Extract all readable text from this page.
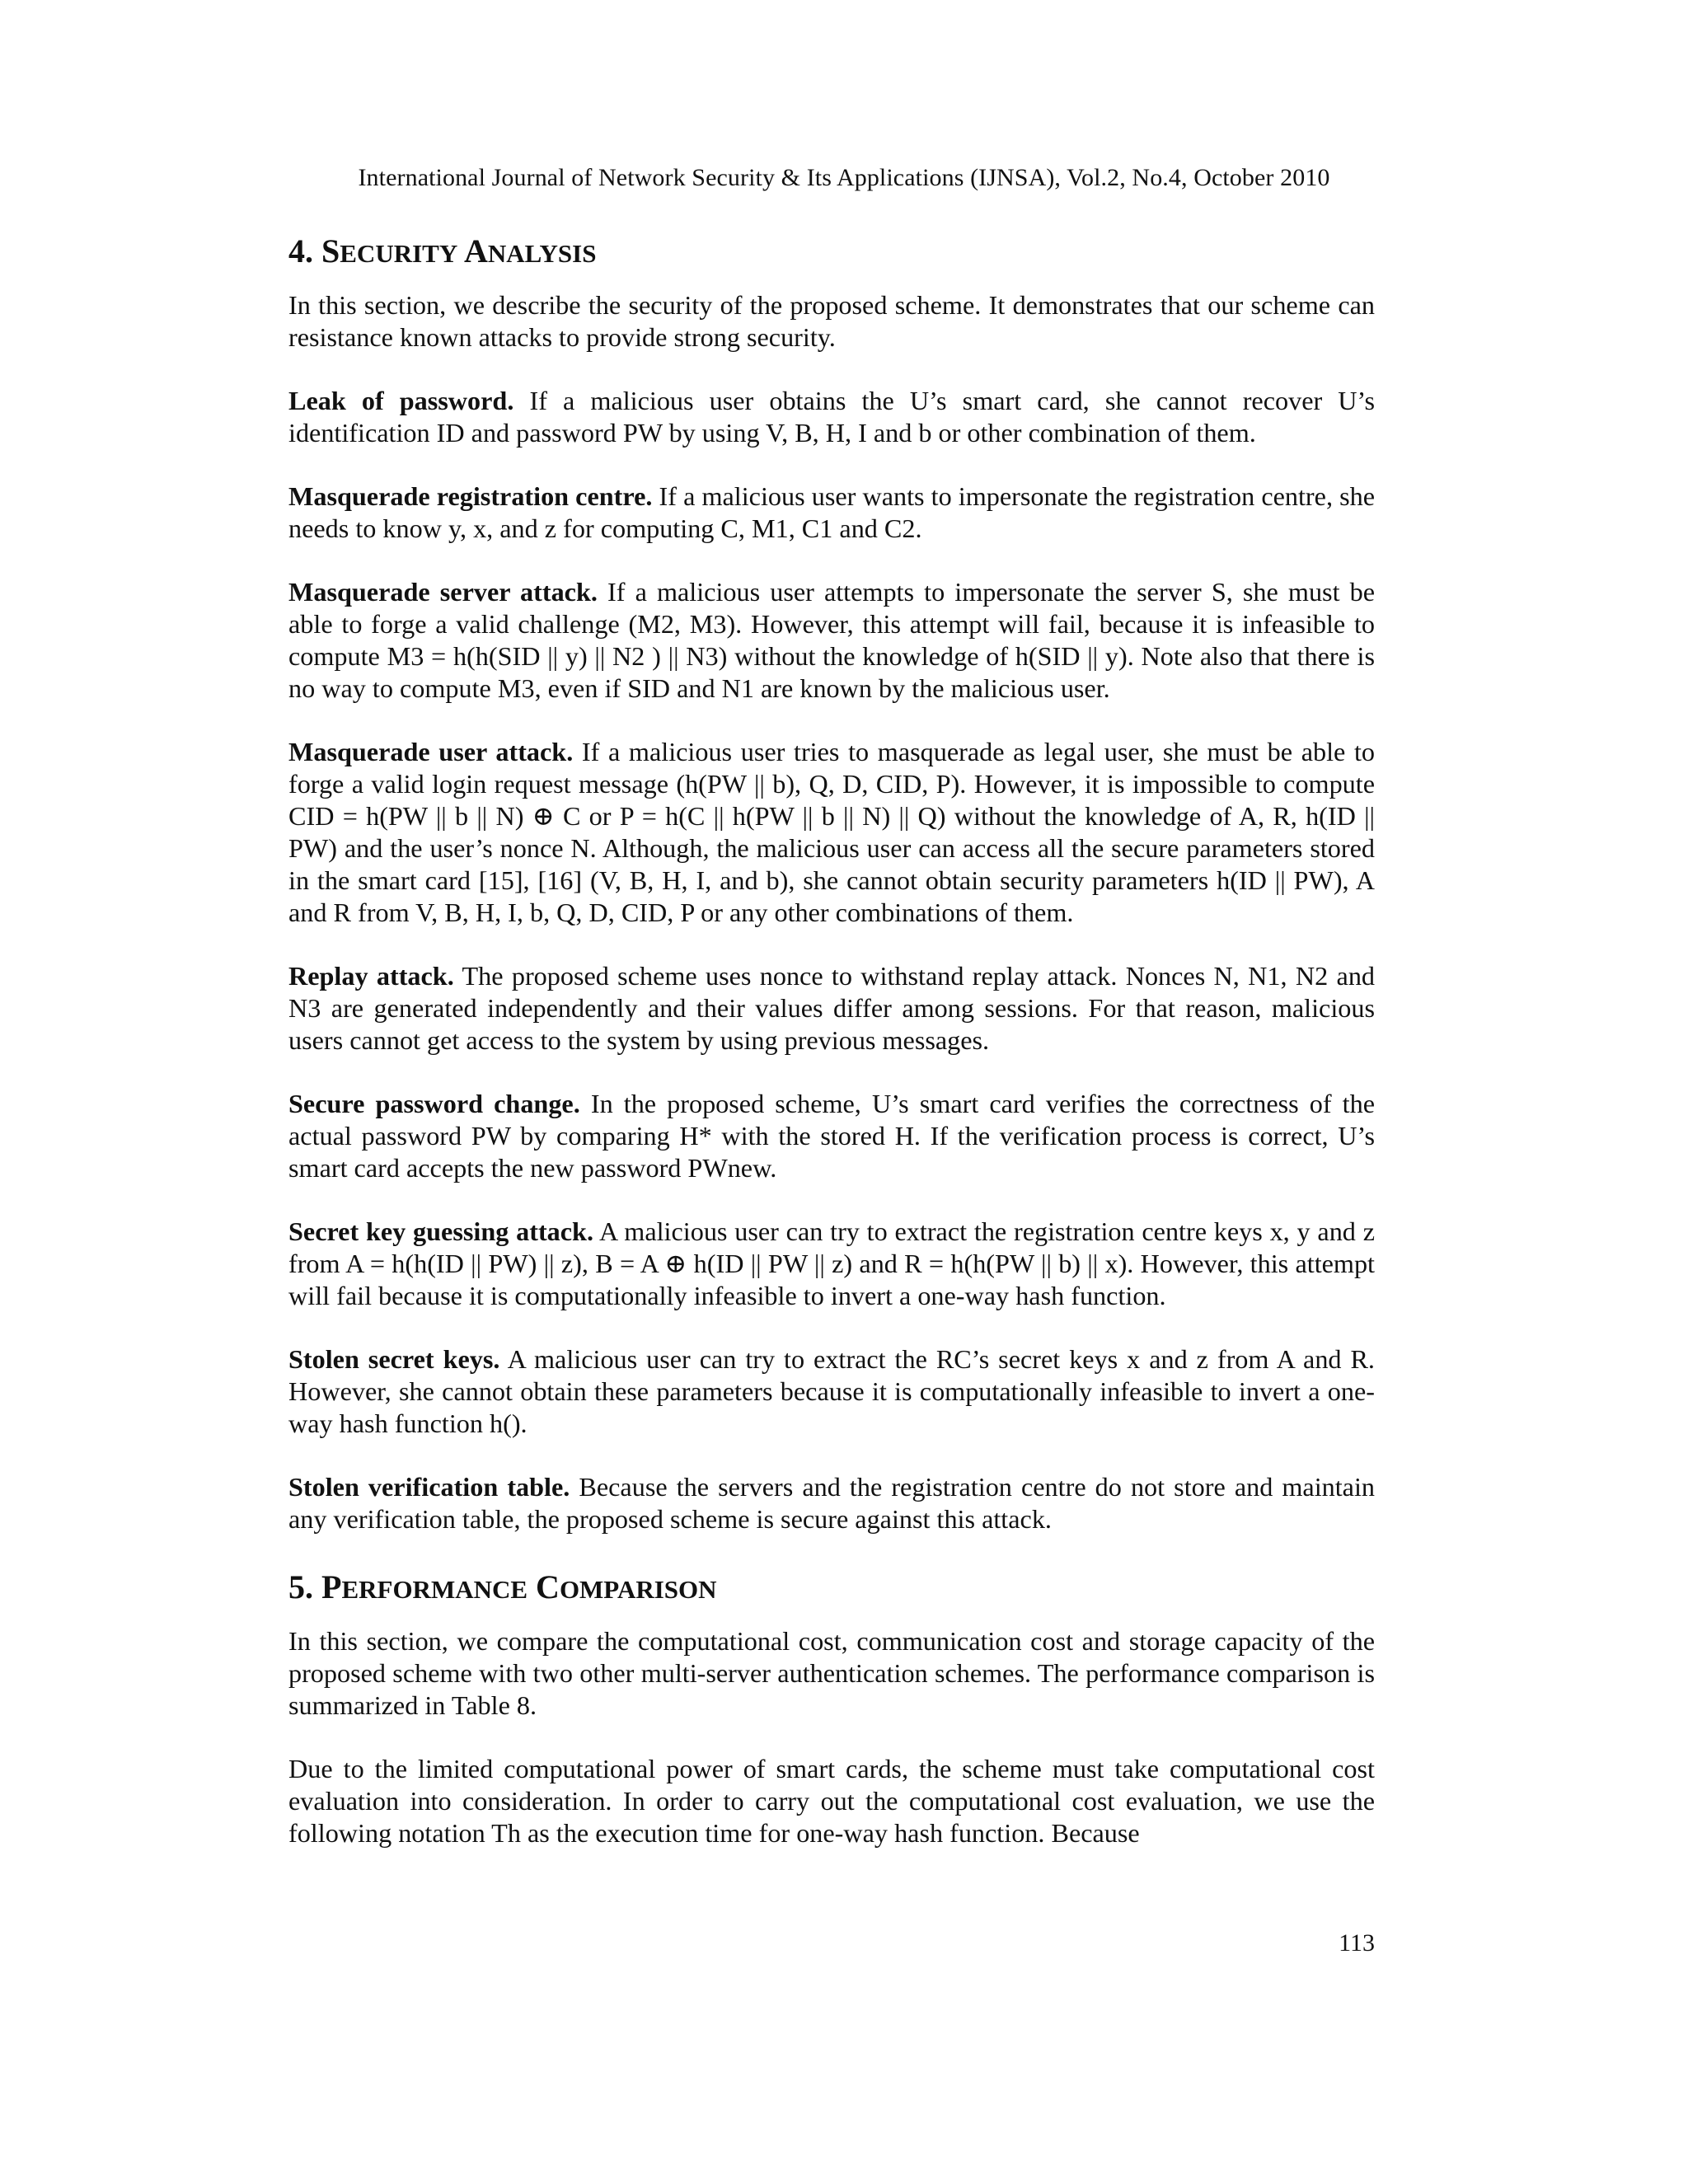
International Journal of Network Security & Its Applications (IJNSA), Vol.2, No.4, October 2010
4. SECURITY ANALYSIS

In this section, we describe the security of the proposed scheme. It demonstrates that our scheme can resistance known attacks to provide strong security.

Leak of password. If a malicious user obtains the U’s smart card, she cannot recover U’s identification ID and password PW by using V, B, H, I and b or other combination of them.

Masquerade registration centre. If a malicious user wants to impersonate the registration centre, she needs to know y, x, and z for computing C, M1, C1 and C2.

Masquerade server attack. If a malicious user attempts to impersonate the server S, she must be able to forge a valid challenge (M2, M3). However, this attempt will fail, because it is infeasible to compute M3 = h(h(SID || y) || N2 ) || N3) without the knowledge of h(SID || y). Note also that there is no way to compute M3, even if SID and N1 are known by the malicious user.

Masquerade user attack. If a malicious user tries to masquerade as legal user, she must be able to forge a valid login request message (h(PW || b), Q, D, CID, P). However, it is impossible to compute CID = h(PW || b || N) ⊕ C or P = h(C || h(PW || b || N) || Q) without the knowledge of A, R, h(ID || PW) and the user’s nonce N. Although, the malicious user can access all the secure parameters stored in the smart card [15], [16] (V, B, H, I, and b), she cannot obtain security parameters h(ID || PW), A and R from V, B, H, I, b, Q, D, CID, P or any other combinations of them.

Replay attack. The proposed scheme uses nonce to withstand replay attack. Nonces N, N1, N2 and N3 are generated independently and their values differ among sessions. For that reason, malicious users cannot get access to the system by using previous messages.

Secure password change. In the proposed scheme, U’s smart card verifies the correctness of the actual password PW by comparing H* with the stored H. If the verification process is correct, U’s smart card accepts the new password PWnew.

Secret key guessing attack. A malicious user can try to extract the registration centre keys x, y and z from A = h(h(ID || PW) || z), B = A ⊕ h(ID || PW || z) and R = h(h(PW || b) || x). However, this attempt will fail because it is computationally infeasible to invert a one-way hash function.

Stolen secret keys. A malicious user can try to extract the RC’s secret keys x and z from A and R. However, she cannot obtain these parameters because it is computationally infeasible to invert a one-way hash function h().

Stolen verification table. Because the servers and the registration centre do not store and maintain any verification table, the proposed scheme is secure against this attack.

5. PERFORMANCE COMPARISON

In this section, we compare the computational cost, communication cost and storage capacity of the proposed scheme with two other multi-server authentication schemes. The performance comparison is summarized in Table 8.

Due to the limited computational power of smart cards, the scheme must take computational cost evaluation into consideration. In order to carry out the computational cost evaluation, we use the following notation Th as the execution time for one-way hash function. Because

113
